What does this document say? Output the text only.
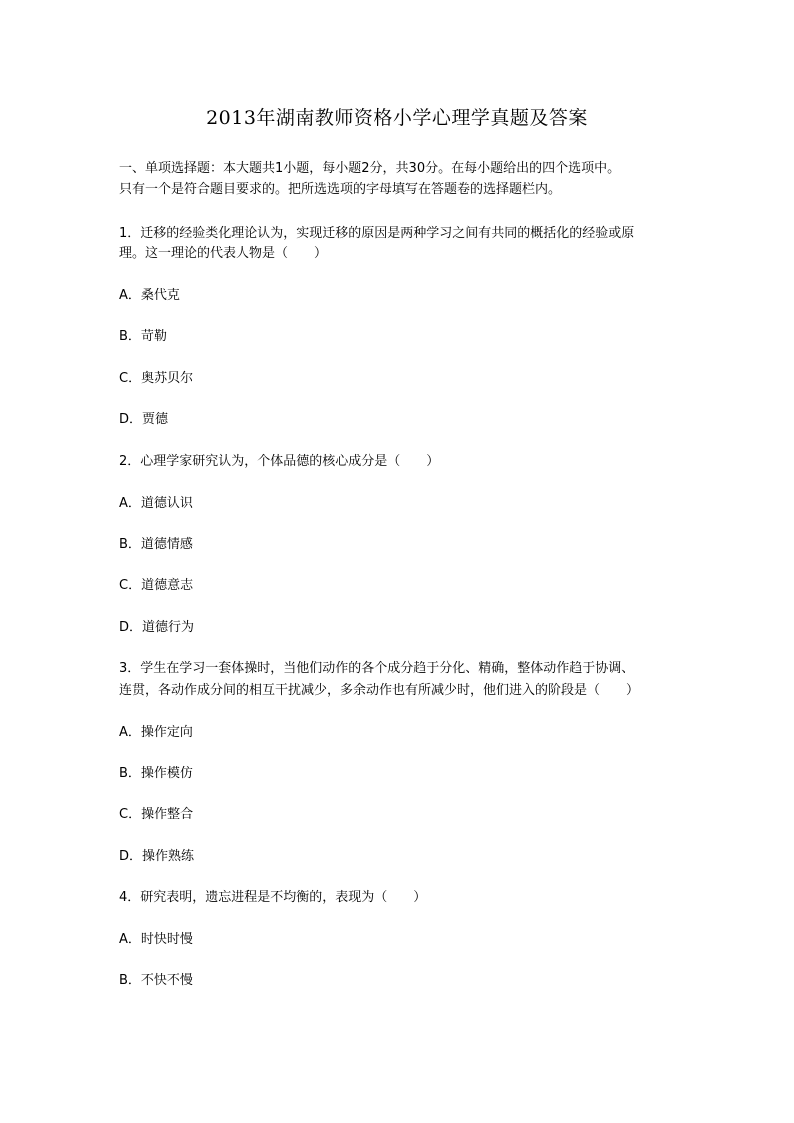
2013年湖南教师资格小学心理学真题及答案
一、单项选择题：本大题共1小题，每小题2分，共30分。在每小题给出的四个选项中。
只有一个是符合题目要求的。把所选选项的字母填写在答题卷的选择题栏内。
1．迁移的经验类化理论认为，实现迁移的原因是两种学习之间有共同的概括化的经验或原
理。这一理论的代表人物是（　　）
A．桑代克
B．苛勒
C．奥苏贝尔
D．贾德
2．心理学家研究认为，个体品德的核心成分是（　　）
A．道德认识
B．道德情感
C．道德意志
D．道德行为
3．学生在学习一套体操时，当他们动作的各个成分趋于分化、精确，整体动作趋于协调、
连贯，各动作成分间的相互干扰减少，多余动作也有所减少时，他们进入的阶段是（　　）
A．操作定向
B．操作模仿
C．操作整合
D．操作熟练
4．研究表明，遗忘进程是不均衡的，表现为（　　）
A．时快时慢
B．不快不慢
